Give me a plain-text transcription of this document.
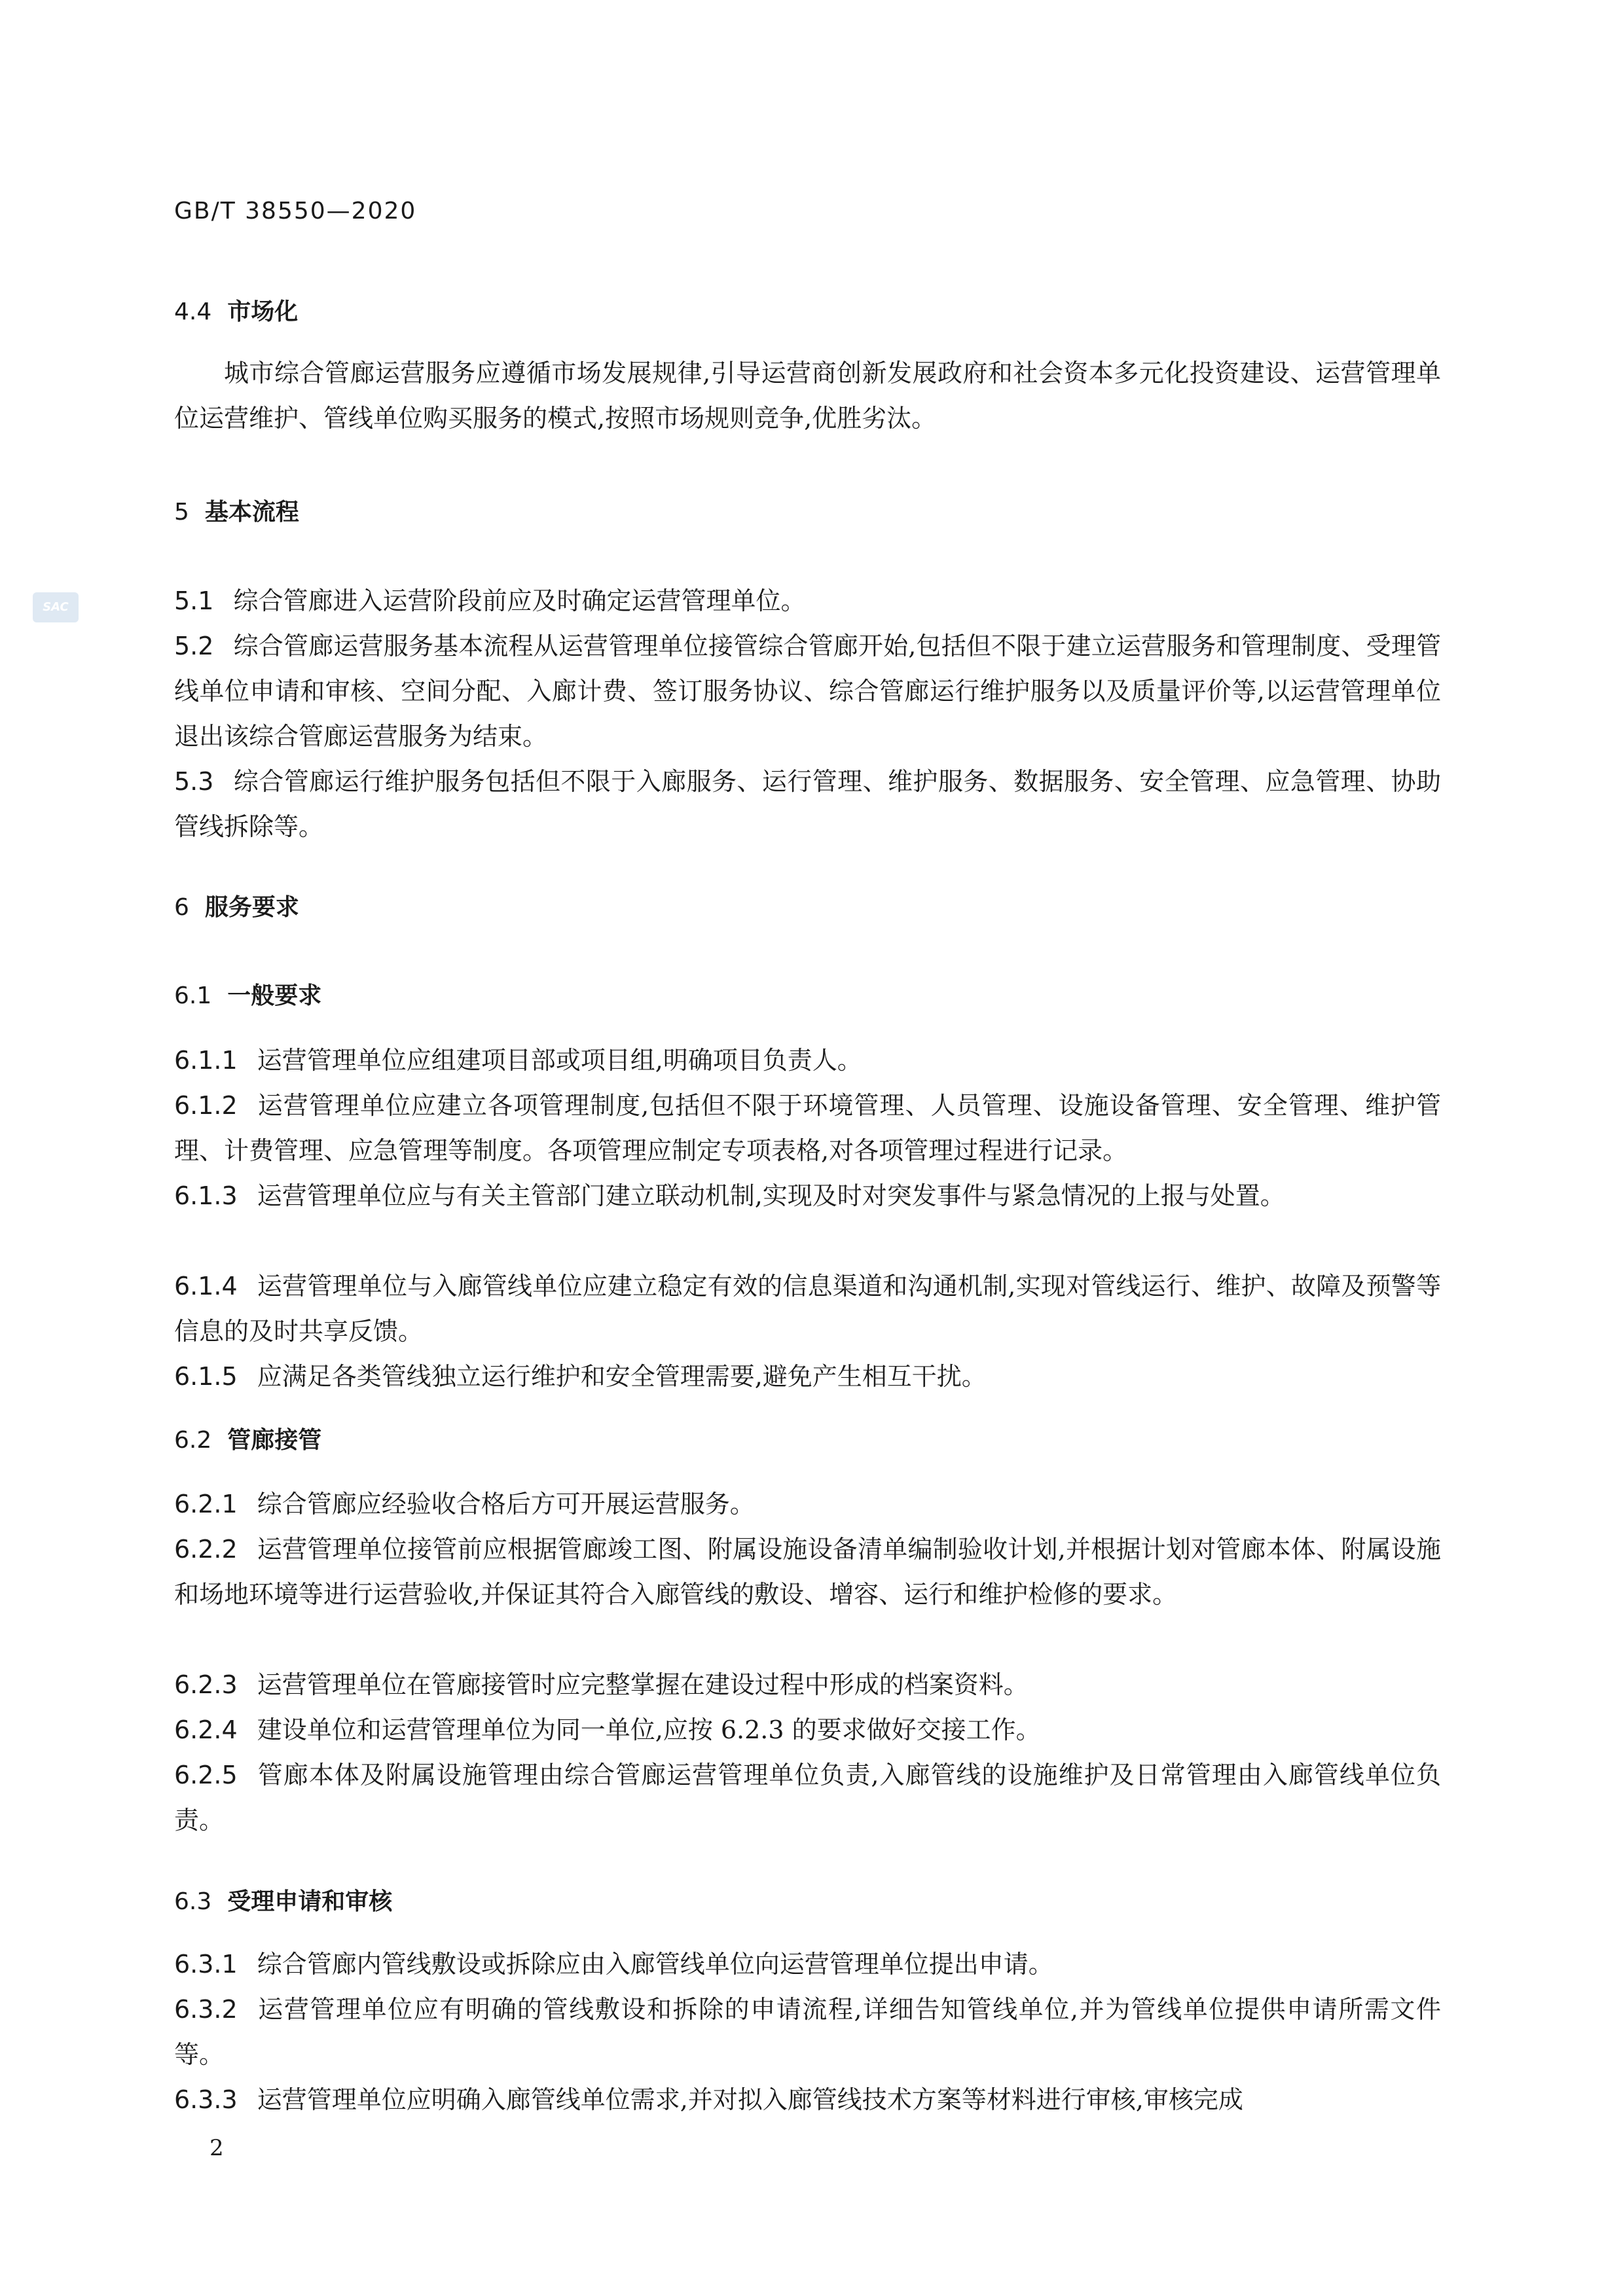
GB/T 38550—2020
SAC
4.4 市场化

城市综合管廊运营服务应遵循市场发展规律,引导运营商创新发展政府和社会资本多元化投资建设、运营管理单位运营维护、管线单位购买服务的模式,按照市场规则竞争,优胜劣汰。

5 基本流程

5.1 综合管廊进入运营阶段前应及时确定运营管理单位。

5.2 综合管廊运营服务基本流程从运营管理单位接管综合管廊开始,包括但不限于建立运营服务和管理制度、受理管线单位申请和审核、空间分配、入廊计费、签订服务协议、综合管廊运行维护服务以及质量评价等,以运营管理单位退出该综合管廊运营服务为结束。

5.3 综合管廊运行维护服务包括但不限于入廊服务、运行管理、维护服务、数据服务、安全管理、应急管理、协助管线拆除等。

6 服务要求
6.1 一般要求

6.1.1 运营管理单位应组建项目部或项目组,明确项目负责人。

6.1.2 运营管理单位应建立各项管理制度,包括但不限于环境管理、人员管理、设施设备管理、安全管理、维护管理、计费管理、应急管理等制度。各项管理应制定专项表格,对各项管理过程进行记录。

6.1.3 运营管理单位应与有关主管部门建立联动机制,实现及时对突发事件与紧急情况的上报与处置。

6.1.4 运营管理单位与入廊管线单位应建立稳定有效的信息渠道和沟通机制,实现对管线运行、维护、故障及预警等信息的及时共享反馈。

6.1.5 应满足各类管线独立运行维护和安全管理需要,避免产生相互干扰。

6.2 管廊接管

6.2.1 综合管廊应经验收合格后方可开展运营服务。

6.2.2 运营管理单位接管前应根据管廊竣工图、附属设施设备清单编制验收计划,并根据计划对管廊本体、附属设施和场地环境等进行运营验收,并保证其符合入廊管线的敷设、增容、运行和维护检修的要求。

6.2.3 运营管理单位在管廊接管时应完整掌握在建设过程中形成的档案资料。

6.2.4 建设单位和运营管理单位为同一单位,应按 6.2.3 的要求做好交接工作。

6.2.5 管廊本体及附属设施管理由综合管廊运营管理单位负责,入廊管线的设施维护及日常管理由入廊管线单位负责。

6.3 受理申请和审核

6.3.1 综合管廊内管线敷设或拆除应由入廊管线单位向运营管理单位提出申请。

6.3.2 运营管理单位应有明确的管线敷设和拆除的申请流程,详细告知管线单位,并为管线单位提供申请所需文件等。

6.3.3 运营管理单位应明确入廊管线单位需求,并对拟入廊管线技术方案等材料进行审核,审核完成

2
